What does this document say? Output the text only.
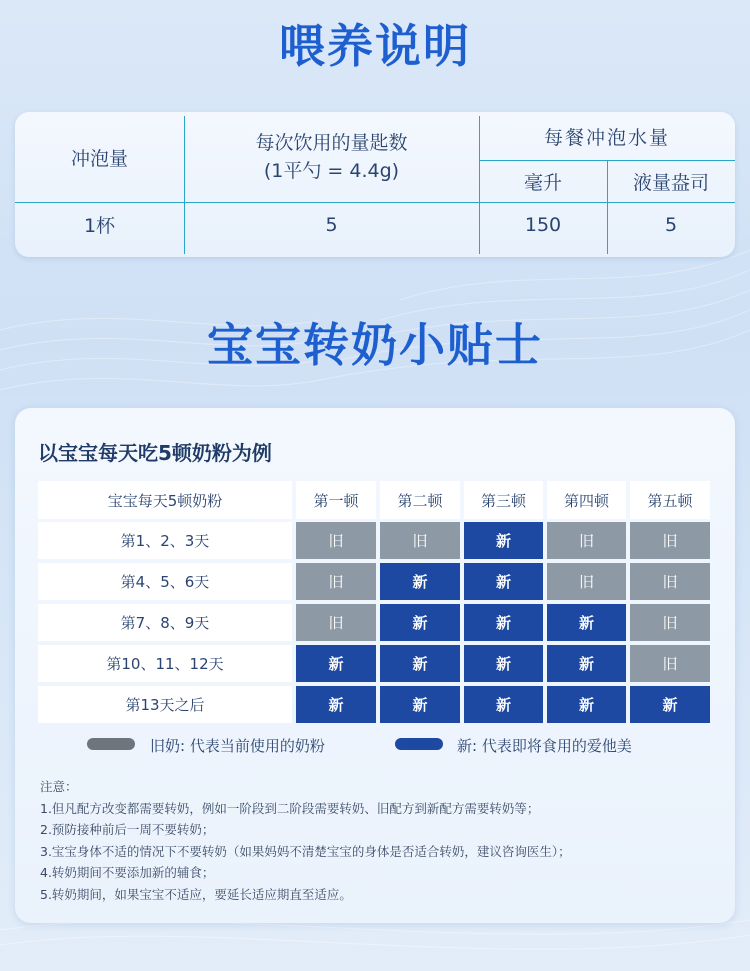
喂养说明
冲泡量
每次饮用的量匙数
(1平勺 = 4.4g)
每餐冲泡水量
毫升	液量盎司
1杯	5	150	5
宝宝转奶小贴士
以宝宝每天吃5顿奶粉为例
宝宝每天5顿奶粉	第一顿	第二顿	第三顿	第四顿	第五顿
第1、2、3天	旧	旧	新	旧	旧
第4、5、6天	旧	新	新	旧	旧
第7、8、9天	旧	新	新	新	旧
第10、11、12天	新	新	新	新	旧
第13天之后	新	新	新	新	新
旧奶: 代表当前使用的奶粉	新: 代表即将食用的爱他美
注意：
1.但凡配方改变都需要转奶，例如一阶段到二阶段需要转奶、旧配方到新配方需要转奶等；
2.预防接种前后一周不要转奶；
3.宝宝身体不适的情况下不要转奶（如果妈妈不清楚宝宝的身体是否适合转奶，建议咨询医生）；
4.转奶期间不要添加新的辅食；
5.转奶期间，如果宝宝不适应，要延长适应期直至适应。
